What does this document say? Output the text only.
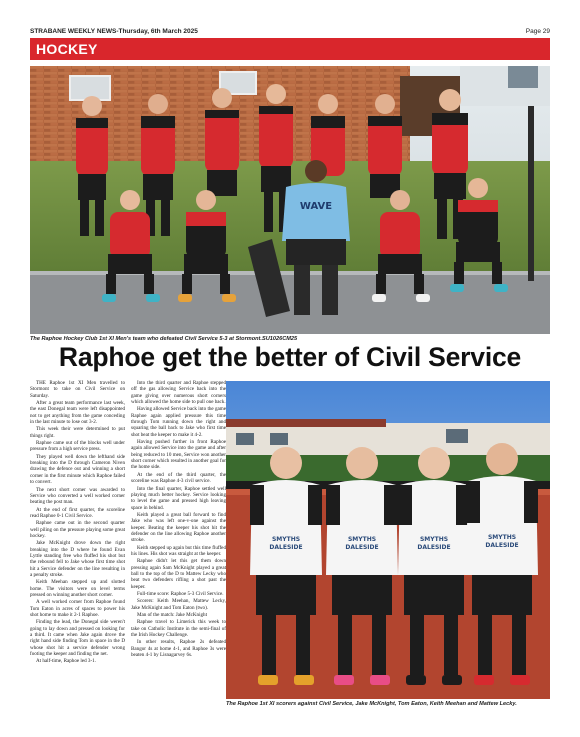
STRABANE WEEKLY NEWS-Thursday, 6th March 2025	Page 29
HOCKEY
WAVE
The Raphoe Hockey Club 1st XI Men's team who defeated Civil Service 5-3 at Stormont.SU1026CM25
Raphoe get the better of Civil Service

THE Raphoe 1st XI Men travelled to Stormont to take on Civil Service on Saturday.

After a great team performance last week, the east Donegal team were left disappointed not to get anything from the game conceding in the last minute to lose out 3-2.

This week their were determined to put things right.

Raphoe came out of the blocks well under pressure from a high service press.

They played well down the lefthand side breaking into the D through Cameron Niven drawing the defence out and winning a short corner in the first minute which Raphoe failed to convert.

The next short corner was awarded to Service who converted a well worked corner beating the post man.

At the end of first quarter, the scoreline read Raphoe 0-1 Civil Service.

Raphoe came out in the second quarter well piling on the pressure playing some great hockey.

Jake McKnight drove down the right breaking into the D where he found Evan Lyttle standing free who fluffed his shot but the rebound fell to Jake whose first time shot hit a Service defender on the line resulting in a penalty stroke.

Keith Meehan stepped up and slotted home. The visitors were on level terms pressed on winning another short corner.

A well worked corner from Raphoe found Tom Eaton in acres of spaces to power his shot home to make it 2-1 Raphoe.

Finding the lead, the Donegal side weren't going to lay down and pressed on looking for a third. It came when Jake again drove the right hand side finding Tom in space in the D whose shot hit a service defender wrong footing the keeper and finding the net.

At half-time, Raphoe led 3-1.

Into the third quarter and Raphoe stepped off the gas allowing Service back into the game giving over numerous short corners which allowed the home side to pull one back.

Having allowed Service back into the game Raphoe again applied pressure this time through Tom running down the right and squaring the ball back to Jake who first time shot beat the keeper to make it 4-2.

Having pushed further in front Raphoe again allowed Service into the game and after being reduced to 10 men, Service won another short corner which resulted in another goal for the home side.

At the end of the third quarter, the scoreline was Raphoe 4-3 civil service.

Into the final quarter, Raphoe settled well playing much better hockey. Service looking to level the game and pressed high leaving space in behind.

Keith played a great ball forward to find Jake who was left one-v-one against the keeper. Beating the keeper his shot hit the defender on the line allowing Raphoe another stroke.

Keith stepped up again but this time fluffed his lines. His shot was straight at the keeper.

Raphoe didn't let this get them down pressing again Sam McKnight played a great ball to the top of the D to Mattew Lecky who beat two defenders rifling a shot past the keeper.

Full-time score: Raphoe 5-3 Civil Service.

Scorers: Keith Meehan, Mattew Lecky, Jake McKnight and Tom Eaton (two).

Man of the match: Jake McKnight

Raphoe travel to Limerick this week to take on Catholic Institute in the semi-final of the Irish Hockey Challenge.

In other results, Raphoe 2s defeated Bangor 4s at home 4-1, and Raphoe 3s were beaten 4-1 by Lisnagarvey 6s.

SMYTHS
DALESIDE
SMYTHS
DALESIDE
SMYTHS
DALESIDE
SMYTHS
DALESIDE
The Raphoe 1st XI scorers against Civil Service, Jake McKnight, Tom Eaton, Keith Meehan and Mattew Lecky.
